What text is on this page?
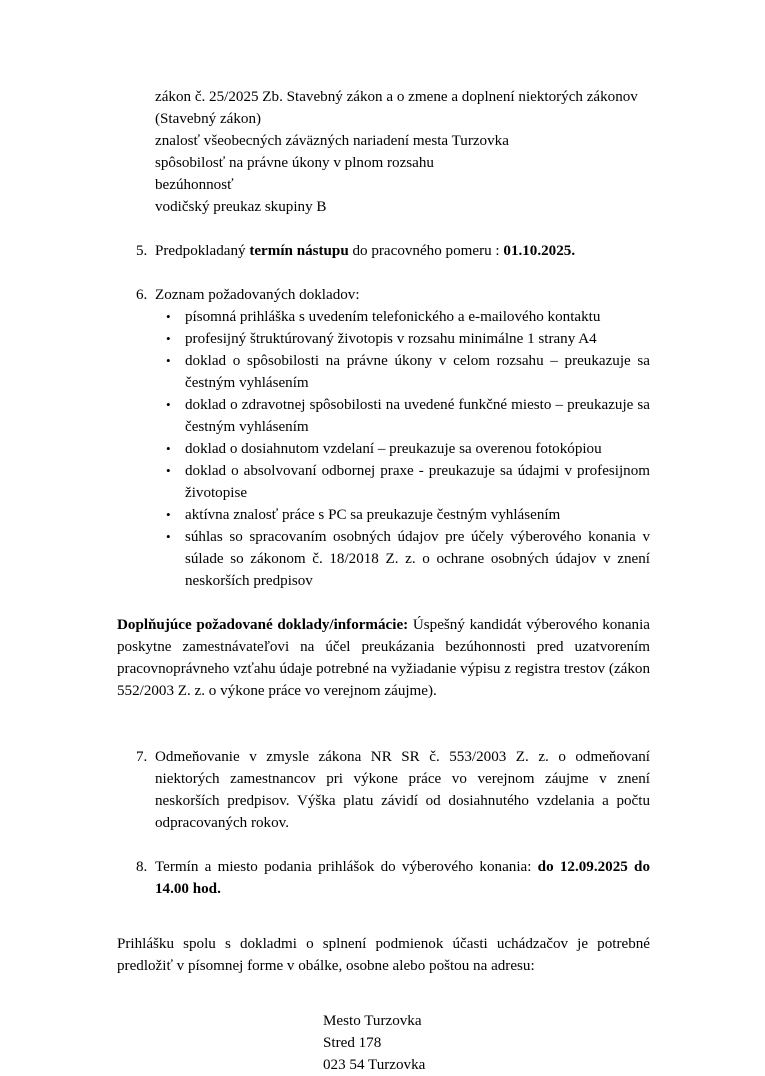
zákon č. 25/2025 Zb. Stavebný zákon a o zmene a doplnení niektorých zákonov
(Stavebný zákon)
znalosť všeobecných záväzných nariadení mesta Turzovka
spôsobilosť na právne úkony v plnom rozsahu
bezúhonnosť
vodičský preukaz skupiny B
5. Predpokladaný termín nástupu do pracovného pomeru : 01.10.2025.
6. Zoznam požadovaných dokladov:
• písomná prihláška s uvedením telefonického a e-mailového kontaktu
• profesijný štruktúrovaný životopis v rozsahu minimálne 1 strany A4
• doklad o spôsobilosti na právne úkony v celom rozsahu – preukazuje sa čestným vyhlásením
• doklad o zdravotnej spôsobilosti na uvedené funkčné miesto – preukazuje sa čestným vyhlásením
• doklad o dosiahnutom vzdelaní – preukazuje sa overenou fotokópiou
• doklad o absolvovaní odbornej praxe - preukazuje sa údajmi v profesijnom životopise
• aktívna znalosť práce s PC sa preukazuje čestným vyhlásením
• súhlas so spracovaním osobných údajov pre účely výberového konania v súlade so zákonom č. 18/2018 Z. z. o ochrane osobných údajov v znení neskorších predpisov

Doplňujúce požadované doklady/informácie: Úspešný kandidát výberového konania poskytne zamestnávateľovi na účel preukázania bezúhonnosti pred uzatvorením pracovnoprávneho vzťahu údaje potrebné na vyžiadanie výpisu z registra trestov (zákon 552/2003 Z. z. o výkone práce vo verejnom záujme).

7. Odmeňovanie v zmysle zákona NR SR č. 553/2003 Z. z. o odmeňovaní niektorých zamestnancov pri výkone práce vo verejnom záujme v znení neskorších predpisov. Výška platu závidí od dosiahnutého vzdelania a počtu odpracovaných rokov.
8. Termín a miesto podania prihlášok do výberového konania: do 12.09.2025 do 14.00 hod.

Prihlášku spolu s dokladmi o splnení podmienok účasti uchádzačov je potrebné predložiť v písomnej forme v obálke, osobne alebo poštou na adresu:

Mesto Turzovka
Stred 178
023 54 Turzovka
